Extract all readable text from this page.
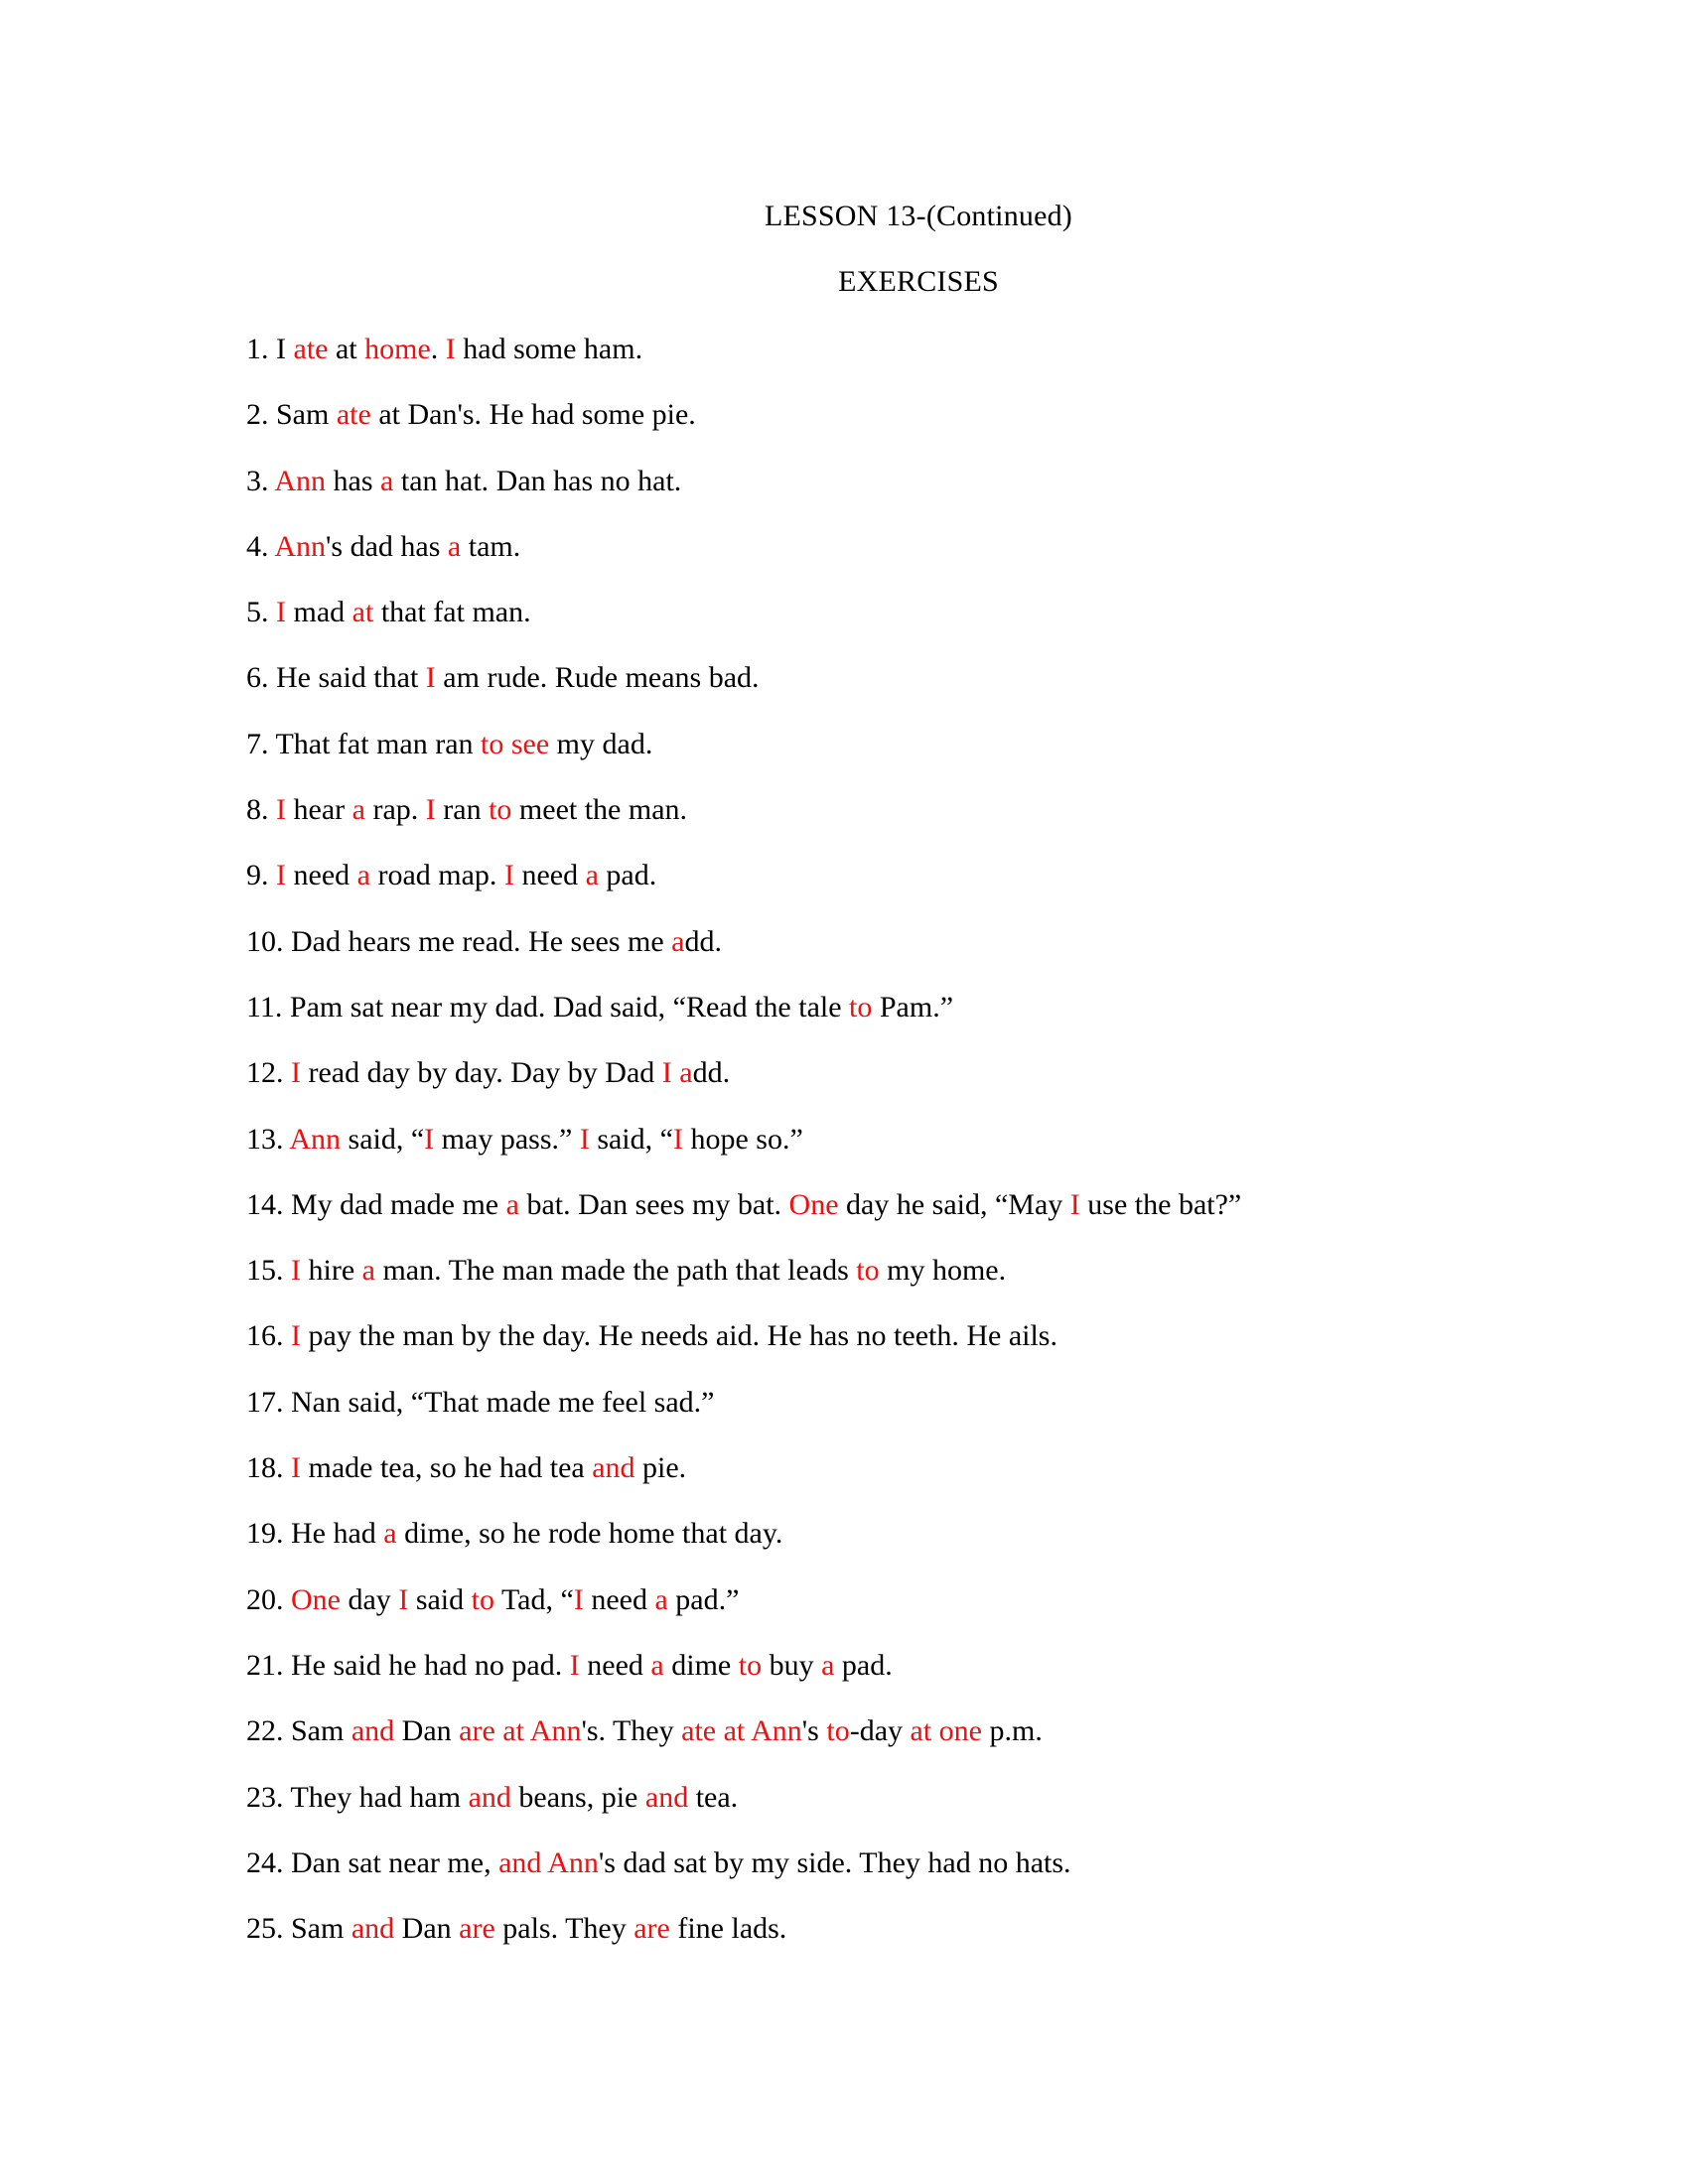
LESSON 13-(Continued)
EXERCISES
1. I ate at home. I had some ham.
2. Sam ate at Dan's. He had some pie.
3. Ann has a tan hat. Dan has no hat.
4. Ann's dad has a tam.
5. I mad at that fat man.
6. He said that I am rude. Rude means bad.
7. That fat man ran to see my dad.
8. I hear a rap. I ran to meet the man.
9. I need a road map. I need a pad.
10. Dad hears me read. He sees me add.
11. Pam sat near my dad. Dad said, “Read the tale to Pam.”
12. I read day by day. Day by Dad I add.
13. Ann said, “I may pass.” I said, “I hope so.”
14. My dad made me a bat. Dan sees my bat. One day he said, “May I use the bat?”
15. I hire a man. The man made the path that leads to my home.
16. I pay the man by the day. He needs aid. He has no teeth. He ails.
17. Nan said, “That made me feel sad.”
18. I made tea, so he had tea and pie.
19. He had a dime, so he rode home that day.
20. One day I said to Tad, “I need a pad.”
21. He said he had no pad. I need a dime to buy a pad.
22. Sam and Dan are at Ann's. They ate at Ann's to-day at one p.m.
23. They had ham and beans, pie and tea.
24. Dan sat near me, and Ann's dad sat by my side. They had no hats.
25. Sam and Dan are pals. They are fine lads.
